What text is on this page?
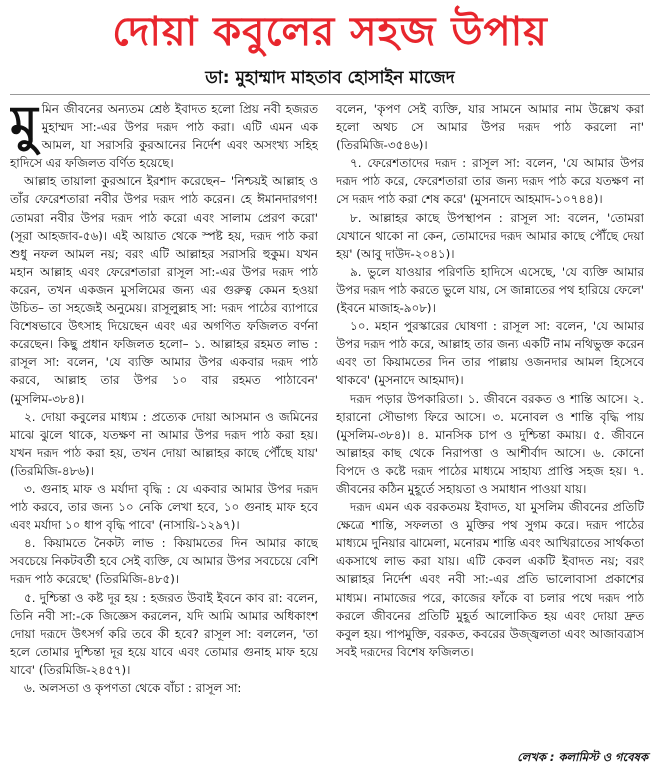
দোয়া কবুলের সহজ উপায়
ডা: মুহাম্মাদ মাহতাব হোসাইন মাজেদ
মু মিন জীবনের অন্যতম শ্রেষ্ঠ ইবাদত হলো প্রিয় নবী হজরত মুহাম্মদ সা:-এর উপর দরূদ পাঠ করা। এটি এমন এক আমল, যা সরাসরি কুরআনের নির্দেশ এবং অসংখ্য সহিহ হাদিসে এর ফজিলত বর্ণিত হয়েছে।

আল্লাহ তায়ালা কুরআনে ইরশাদ করেছেন– 'নিশ্চয়ই আল্লাহ ও তাঁর ফেরেশতারা নবীর উপর দরূদ পাঠ করেন। হে ঈমানদারগণ! তোমরা নবীর উপর দরূদ পাঠ করো এবং সালাম প্রেরণ করো' (সূরা আহজাব-৫৬)। এই আয়াত থেকে স্পষ্ট হয়, দরূদ পাঠ করা শুধু নফল আমল নয়; বরং এটি আল্লাহর সরাসরি হুকুম। যখন মহান আল্লাহ এবং ফেরেশতারা রাসূল সা:-এর উপর দরূদ পাঠ করেন, তখন একজন মুসলিমের জন্য এর গুরুত্ব কেমন হওয়া উচিত– তা সহজেই অনুমেয়। রাসূলুল্লাহ সা: দরূদ পাঠের ব্যাপারে বিশেষভাবে উৎসাহ দিয়েছেন এবং এর অগণিত ফজিলত বর্ণনা করেছেন। কিছু প্রধান ফজিলত হলো– ১. আল্লাহর রহমত লাভ : রাসূল সা: বলেন, 'যে ব্যক্তি আমার উপর একবার দরূদ পাঠ করবে, আল্লাহ তার উপর ১০ বার রহমত পাঠাবেন' (মুসলিম-৩৮৪)।

২. দোয়া কবুলের মাধ্যম : প্রত্যেক দোয়া আসমান ও জমিনের মাঝে ঝুলে থাকে, যতক্ষণ না আমার উপর দরূদ পাঠ করা হয়। যখন দরূদ পাঠ করা হয়, তখন দোয়া আল্লাহর কাছে পৌঁছে যায়' (তিরমিজি-৪৮৬)।

৩. গুনাহ মাফ ও মর্যাদা বৃদ্ধি : যে একবার আমার উপর দরূদ পাঠ করবে, তার জন্য ১০ নেকি লেখা হবে, ১০ গুনাহ মাফ হবে এবং মর্যাদা ১০ ধাপ বৃদ্ধি পাবে' (নাসায়ি-১২৯৭)।

৪. কিয়ামতে নৈকট্য লাভ : কিয়ামতের দিন আমার কাছে সবচেয়ে নিকটবর্তী হবে সেই ব্যক্তি, যে আমার উপর সবচেয়ে বেশি দরূদ পাঠ করেছে' (তিরমিজি-৪৮৫)।

৫. দুশ্চিন্তা ও কষ্ট দূর হয় : হজরত উবাই ইবনে কাব রা: বলেন, তিনি নবী সা:-কে জিজ্ঞেস করলেন, যদি আমি আমার অধিকাংশ দোয়া দরূদে উৎসর্গ করি তবে কী হবে? রাসূল সা: বললেন, 'তা হলে তোমার দুশ্চিন্তা দূর হয়ে যাবে এবং তোমার গুনাহ মাফ হয়ে যাবে' (তিরমিজি-২৪৫৭)।

৬. অলসতা ও কৃপণতা থেকে বাঁচা : রাসূল সা:

বলেন, 'কৃপণ সেই ব্যক্তি, যার সামনে আমার নাম উল্লেখ করা হলো অথচ সে আমার উপর দরূদ পাঠ করলো না' (তিরমিজি-৩৫৪৬)।

৭. ফেরেশতাদের দরূদ : রাসূল সা: বলেন, 'যে আমার উপর দরূদ পাঠ করে, ফেরেশতারা তার জন্য দরূদ পাঠ করে যতক্ষণ না সে দরূদ পাঠ করা শেষ করে' (মুসনাদে আহমাদ-১০৭৪৪)।

৮. আল্লাহর কাছে উপস্থাপন : রাসূল সা: বলেন, 'তোমরা যেখানে থাকো না কেন, তোমাদের দরূদ আমার কাছে পৌঁছে দেয়া হয়' (আবু দাউদ-২০৪১)।

৯. ভুলে যাওয়ার পরিণতি হাদিসে এসেছে, 'যে ব্যক্তি আমার উপর দরূদ পাঠ করতে ভুলে যায়, সে জান্নাতের পথ হারিয়ে ফেলে' (ইবনে মাজাহ-৯০৮)।

১০. মহান পুরস্কারের ঘোষণা : রাসূল সা: বলেন, 'যে আমার উপর দরূদ পাঠ করে, আল্লাহ তার জন্য একটি নাম নথিভুক্ত করেন এবং তা কিয়ামতের দিন তার পাল্লায় ওজনদার আমল হিসেবে থাকবে' (মুসনাদে আহমাদ)।

দরূদ পড়ার উপকারিতা। ১. জীবনে বরকত ও শান্তি আসে। ২. হারানো সৌভাগ্য ফিরে আসে। ৩. মনোবল ও শান্তি বৃদ্ধি পায় (মুসলিম-৩৮৪)। ৪. মানসিক চাপ ও দুশ্চিন্তা কমায়। ৫. জীবনে আল্লাহর কাছ থেকে নিরাপত্তা ও আশীর্বাদ আসে। ৬. কোনো বিপদে ও কষ্টে দরূদ পাঠের মাধ্যমে সাহায্য প্রাপ্তি সহজ হয়। ৭. জীবনের কঠিন মুহূর্তে সহায়তা ও সমাধান পাওয়া যায়।

দরূদ এমন এক বরকতময় ইবাদত, যা মুসলিম জীবনের প্রতিটি ক্ষেত্রে শান্তি, সফলতা ও মুক্তির পথ সুগম করে। দরূদ পাঠের মাধ্যমে দুনিয়ার ঝামেলা, মনোরম শান্তি এবং আখিরাতের সার্থকতা একসাথে লাভ করা যায়। এটি কেবল একটি ইবাদত নয়; বরং আল্লাহর নির্দেশ এবং নবী সা:-এর প্রতি ভালোবাসা প্রকাশের মাধ্যম। নামাজের পরে, কাজের ফাঁকে বা চলার পথে দরূদ পাঠ করলে জীবনের প্রতিটি মুহূর্ত আলোকিত হয় এবং দোয়া দ্রুত কবুল হয়। পাপমুক্তি, বরকত, কবরের উজ্জ্বলতা এবং আজাবত্রাস সবই দরূদের বিশেষ ফজিলত।

লেখক : কলামিস্ট ও গবেষক
